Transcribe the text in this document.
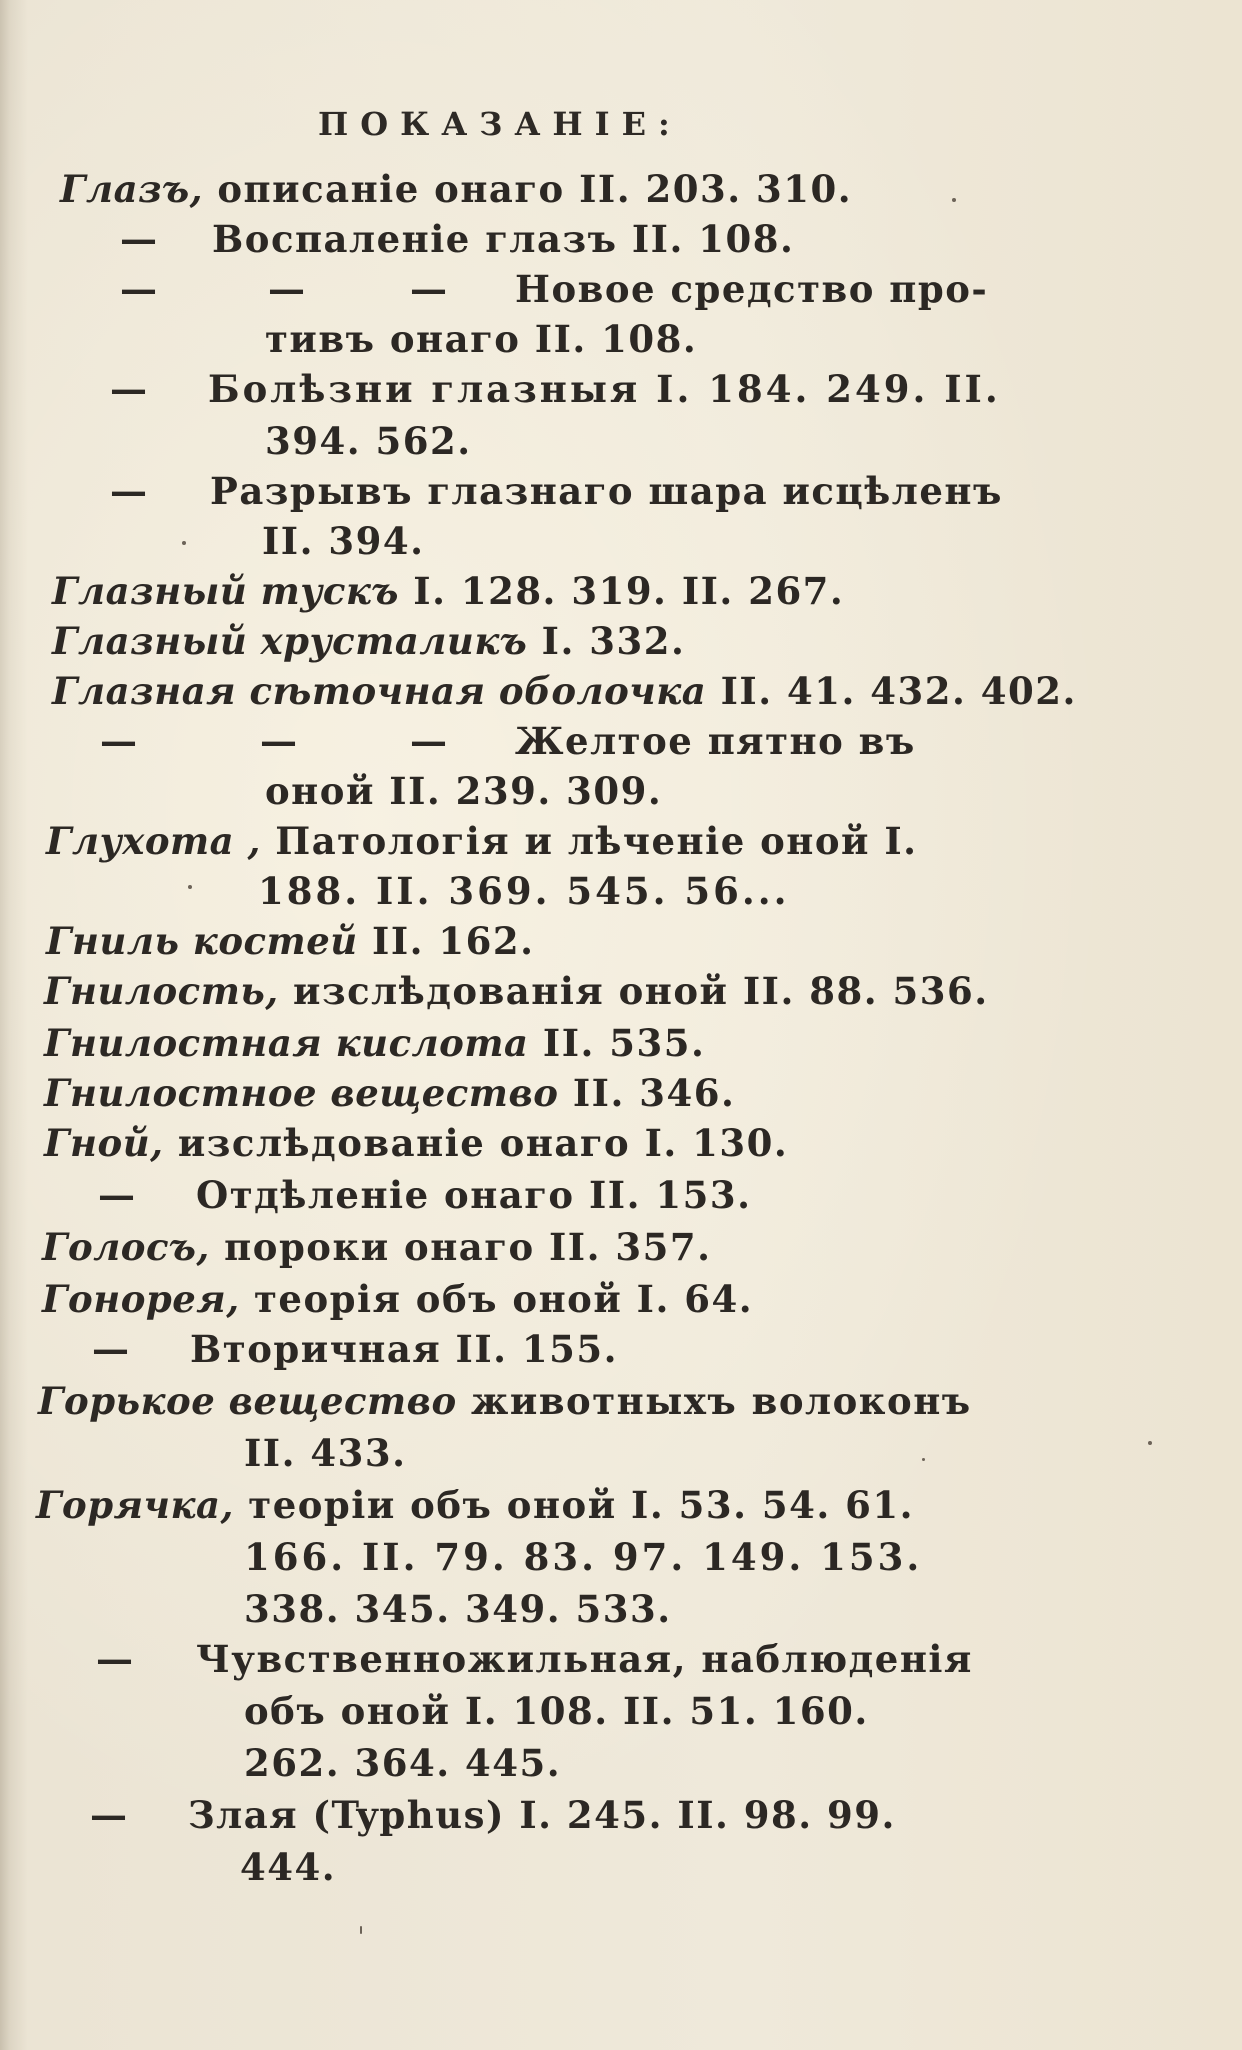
ПОКАЗАНІЕ:
Глазъ, описаніе онаго II. 203. 310.
— Воспаленіе глазъ II. 108.
—	—	— Новое средство про-
тивъ онаго II. 108.
— Болѣзни глазныя I. 184. 249. II.
394. 562.
— Разрывъ глазнаго шара исцѣленъ
II. 394.
Глазный тускъ I. 128. 319. II. 267.
Глазный хрусталикъ I. 332.
Глазная сѣточная оболочка II. 41. 432. 402.
—	—	— Желтое пятно въ
оной II. 239. 309.
Глухота , Патологія и лѣченіе оной I.
188. II. 369. 545. 56...
Гниль костей II. 162.
Гнилость, изслѣдованія оной II. 88. 536.
Гнилостная кислота II. 535.
Гнилостное вещество II. 346.
Гной, изслѣдованіе онаго I. 130.
— Отдѣленіе онаго II. 153.
Голосъ, пороки онаго II. 357.
Гонорея, теорія объ оной I. 64.
— Вторичная II. 155.
Горькое вещество животныхъ волоконъ
II. 433.
Горячка, теоріи объ оной I. 53. 54. 61.
166. II. 79. 83. 97. 149. 153.
338. 345. 349. 533.
— Чувственножильная, наблюденія
объ оной I. 108. II. 51. 160.
262. 364. 445.
— Злая (Typhus) I. 245. II. 98. 99.
444.
